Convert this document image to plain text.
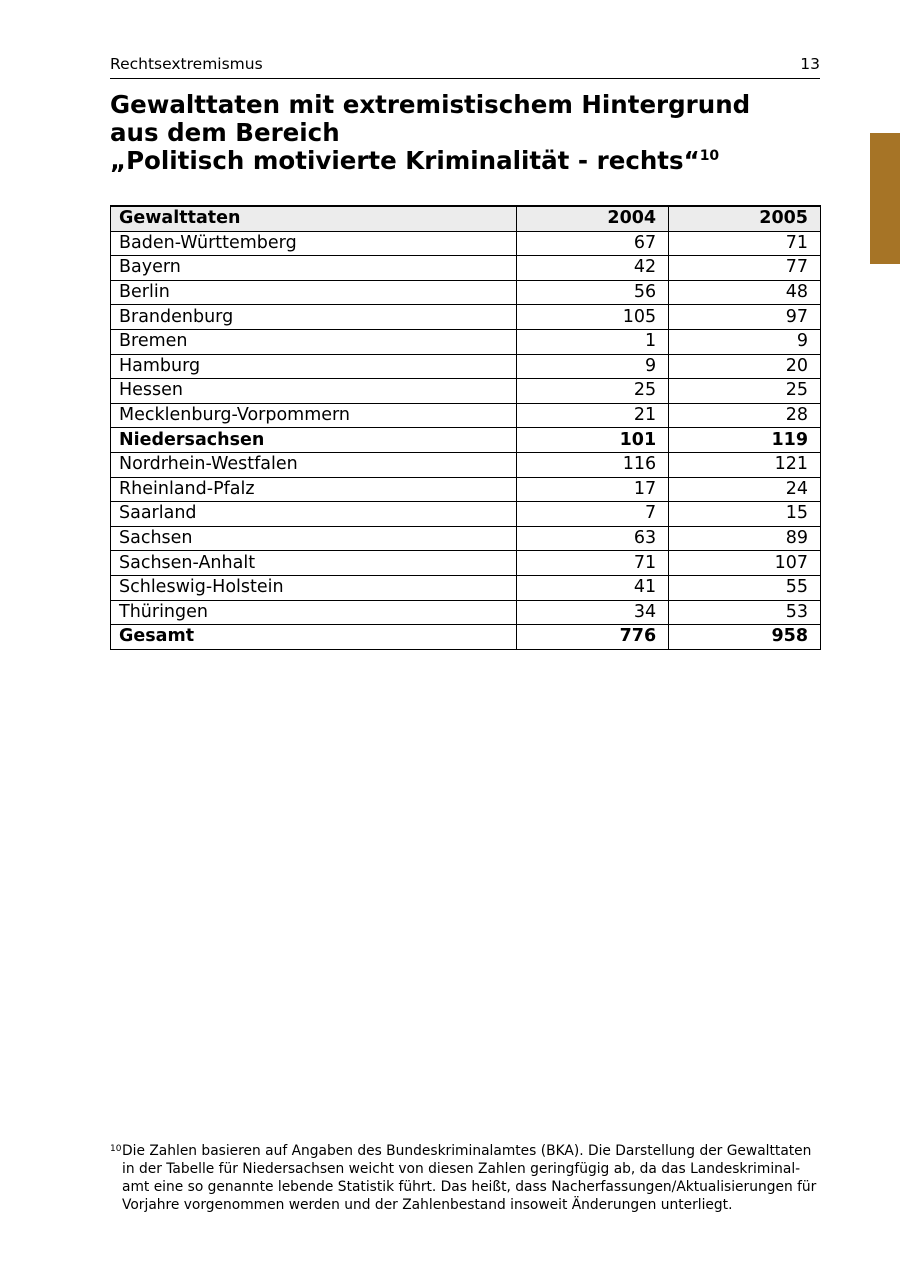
Rechtsextremismus	13
Gewalttaten mit extremistischem Hintergrund
aus dem Bereich
„Politisch motivierte Kriminalität - rechts“$^{10}$
Gewalttaten	2004	2005
Baden-Württemberg	67	71
Bayern	42	77
Berlin	56	48
Brandenburg	105	97
Bremen	1	9
Hamburg	9	20
Hessen	25	25
Mecklenburg-Vorpommern	21	28
Niedersachsen	101	119
Nordrhein-Westfalen	116	121
Rheinland-Pfalz	17	24
Saarland	7	15
Sachsen	63	89
Sachsen-Anhalt	71	107
Schleswig-Holstein	41	55
Thüringen	34	53
Gesamt	776	958
10 Die Zahlen basieren auf Angaben des Bundeskriminalamtes (BKA). Die Darstellung der Gewalttaten in der Tabelle für Niedersachsen weicht von diesen Zahlen geringfügig ab, da das Landeskriminal-amt eine so genannte lebende Statistik führt. Das heißt, dass Nacherfassungen/Aktualisierungen für Vorjahre vorgenommen werden und der Zahlenbestand insoweit Änderungen unterliegt.
